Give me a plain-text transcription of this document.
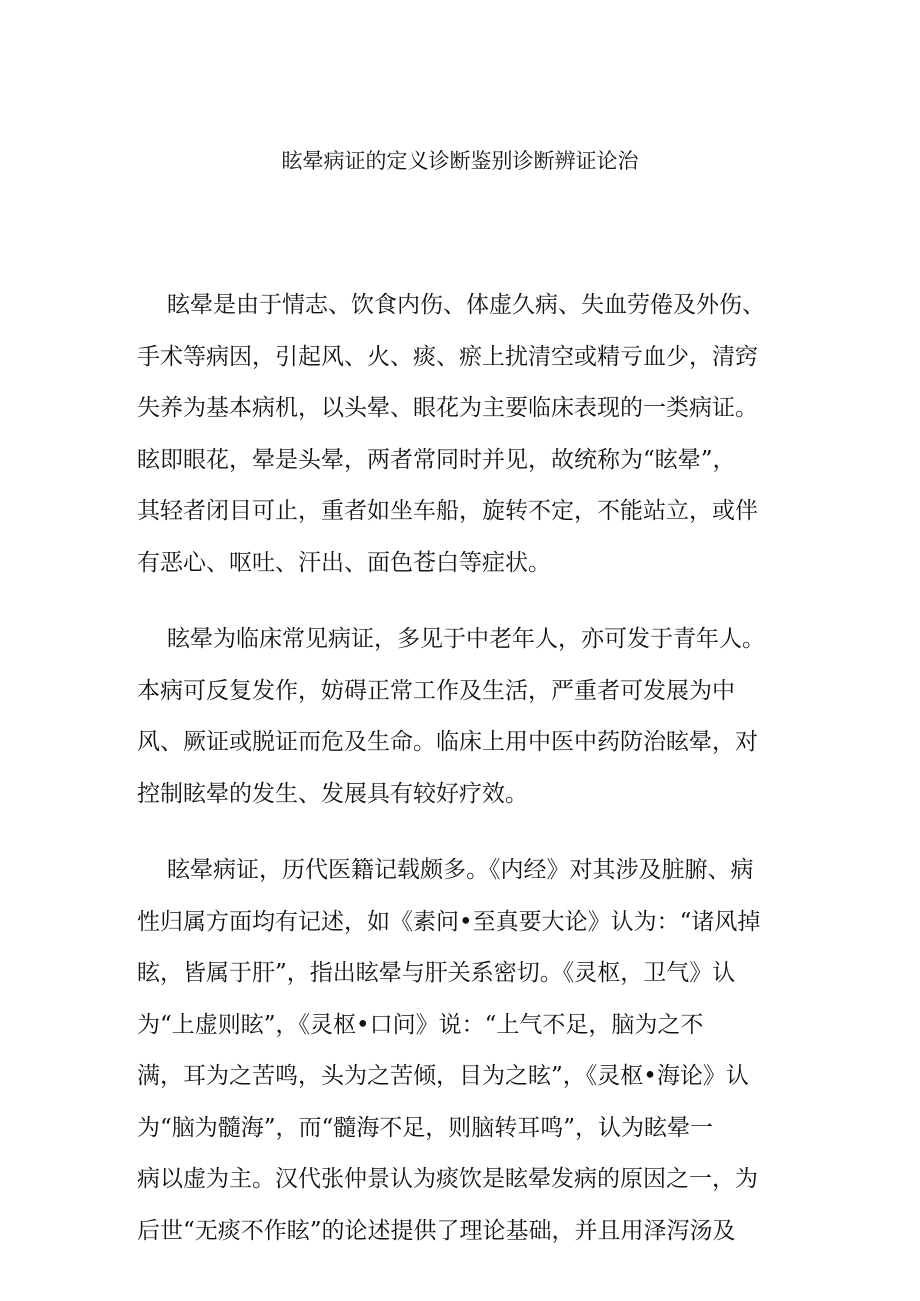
眩晕病证的定义诊断鉴别诊断辨证论治
眩晕是由于情志、饮食内伤、体虚久病、失血劳倦及外伤、
手术等病因，引起风、火、痰、瘀上扰清空或精亏血少，清窍
失养为基本病机，以头晕、眼花为主要临床表现的一类病证。
眩即眼花，晕是头晕，两者常同时并见，故统称为“眩晕”，
其轻者闭目可止，重者如坐车船，旋转不定，不能站立，或伴
有恶心、呕吐、汗出、面色苍白等症状。
眩晕为临床常见病证，多见于中老年人，亦可发于青年人。
本病可反复发作，妨碍正常工作及生活，严重者可发展为中
风、厥证或脱证而危及生命。临床上用中医中药防治眩晕，对
控制眩晕的发生、发展具有较好疗效。
眩晕病证，历代医籍记载颇多。《内经》对其涉及脏腑、病
性归属方面均有记述，如《素问•至真要大论》认为：“诸风掉
眩，皆属于肝”，指出眩晕与肝关系密切。《灵枢，卫气》认
为“上虚则眩”，《灵枢•口问》说：“上气不足，脑为之不
满，耳为之苦鸣，头为之苦倾，目为之眩”，《灵枢•海论》认
为“脑为髓海”，而“髓海不足，则脑转耳鸣”，认为眩晕一
病以虚为主。汉代张仲景认为痰饮是眩晕发病的原因之一，为
后世“无痰不作眩”的论述提供了理论基础，并且用泽泻汤及
